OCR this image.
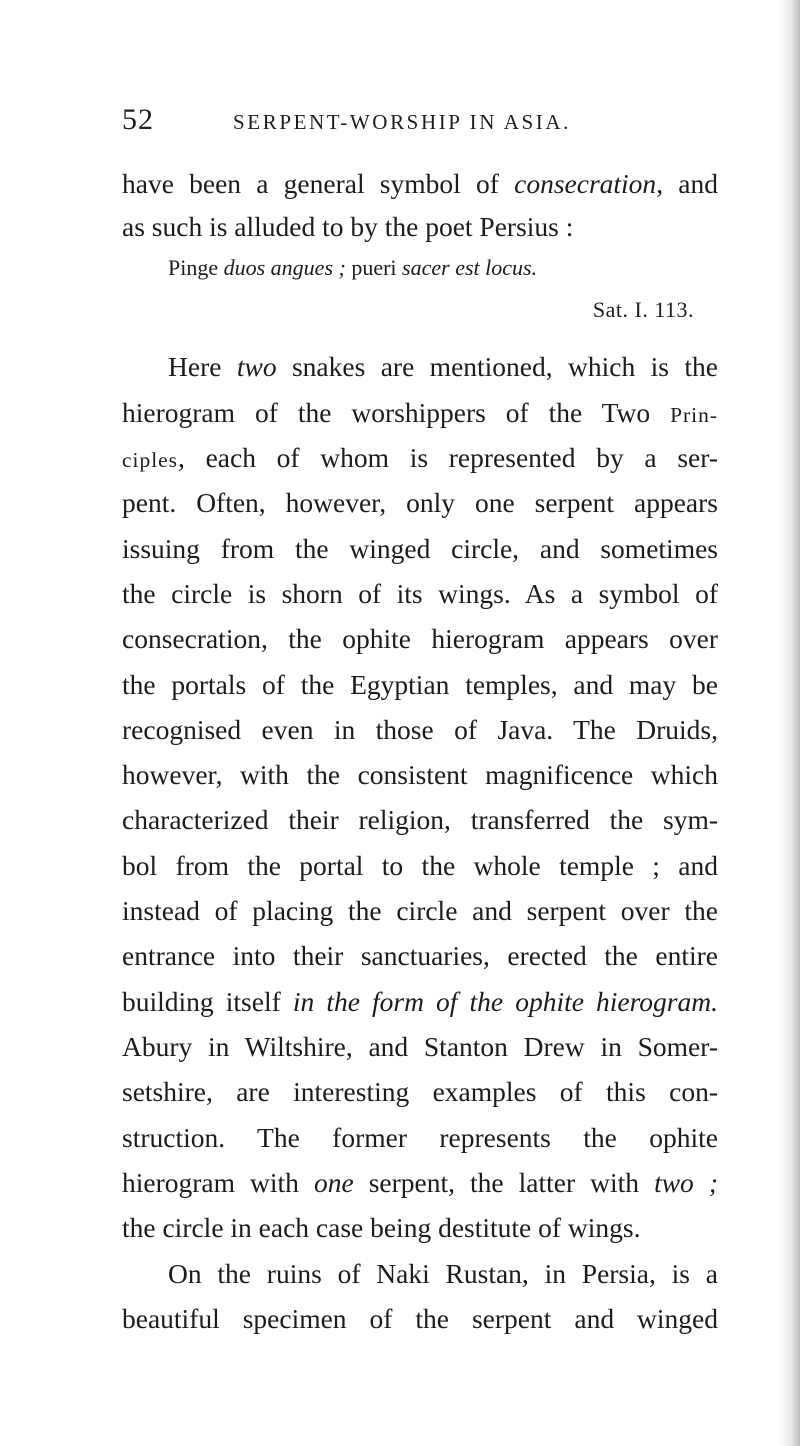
52	SERPENT-WORSHIP IN ASIA.
have been a general symbol of consecration, and
as such is alluded to by the poet Persius :
Pinge duos angues ; pueri sacer est locus.
Sat. I. 113.
Here two snakes are mentioned, which is the
hierogram of the worshippers of the Two Prin-
ciples, each of whom is represented by a ser-
pent. Often, however, only one serpent appears
issuing from the winged circle, and sometimes
the circle is shorn of its wings. As a symbol of
consecration, the ophite hierogram appears over
the portals of the Egyptian temples, and may be
recognised even in those of Java. The Druids,
however, with the consistent magnificence which
characterized their religion, transferred the sym-
bol from the portal to the whole temple ; and
instead of placing the circle and serpent over the
entrance into their sanctuaries, erected the entire
building itself in the form of the ophite hierogram.
Abury in Wiltshire, and Stanton Drew in Somer-
setshire, are interesting examples of this con-
struction. The former represents the ophite
hierogram with one serpent, the latter with two ;
the circle in each case being destitute of wings.
On the ruins of Naki Rustan, in Persia, is a
beautiful specimen of the serpent and winged
